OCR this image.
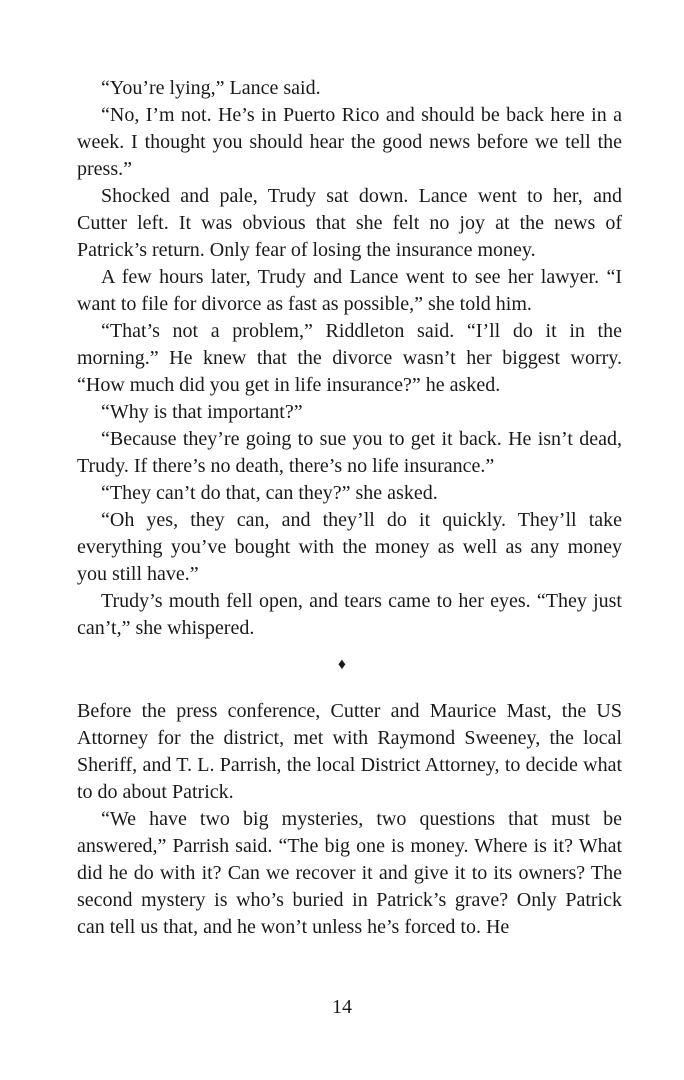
“You’re lying,” Lance said.

“No, I’m not. He’s in Puerto Rico and should be back here in a week. I thought you should hear the good news before we tell the press.”

Shocked and pale, Trudy sat down. Lance went to her, and Cutter left. It was obvious that she felt no joy at the news of Patrick’s return. Only fear of losing the insurance money.

A few hours later, Trudy and Lance went to see her lawyer. “I want to file for divorce as fast as possible,” she told him.

“That’s not a problem,” Riddleton said. “I’ll do it in the morning.” He knew that the divorce wasn’t her biggest worry. “How much did you get in life insurance?” he asked.

“Why is that important?”

“Because they’re going to sue you to get it back. He isn’t dead, Trudy. If there’s no death, there’s no life insurance.”

“They can’t do that, can they?” she asked.

“Oh yes, they can, and they’ll do it quickly. They’ll take everything you’ve bought with the money as well as any money you still have.”

Trudy’s mouth fell open, and tears came to her eyes. “They just can’t,” she whispered.

♦

Before the press conference, Cutter and Maurice Mast, the US Attorney for the district, met with Raymond Sweeney, the local Sheriff, and T. L. Parrish, the local District Attorney, to decide what to do about Patrick.

“We have two big mysteries, two questions that must be answered,” Parrish said. “The big one is money. Where is it? What did he do with it? Can we recover it and give it to its owners? The second mystery is who’s buried in Patrick’s grave? Only Patrick can tell us that, and he won’t unless he’s forced to. He

14
